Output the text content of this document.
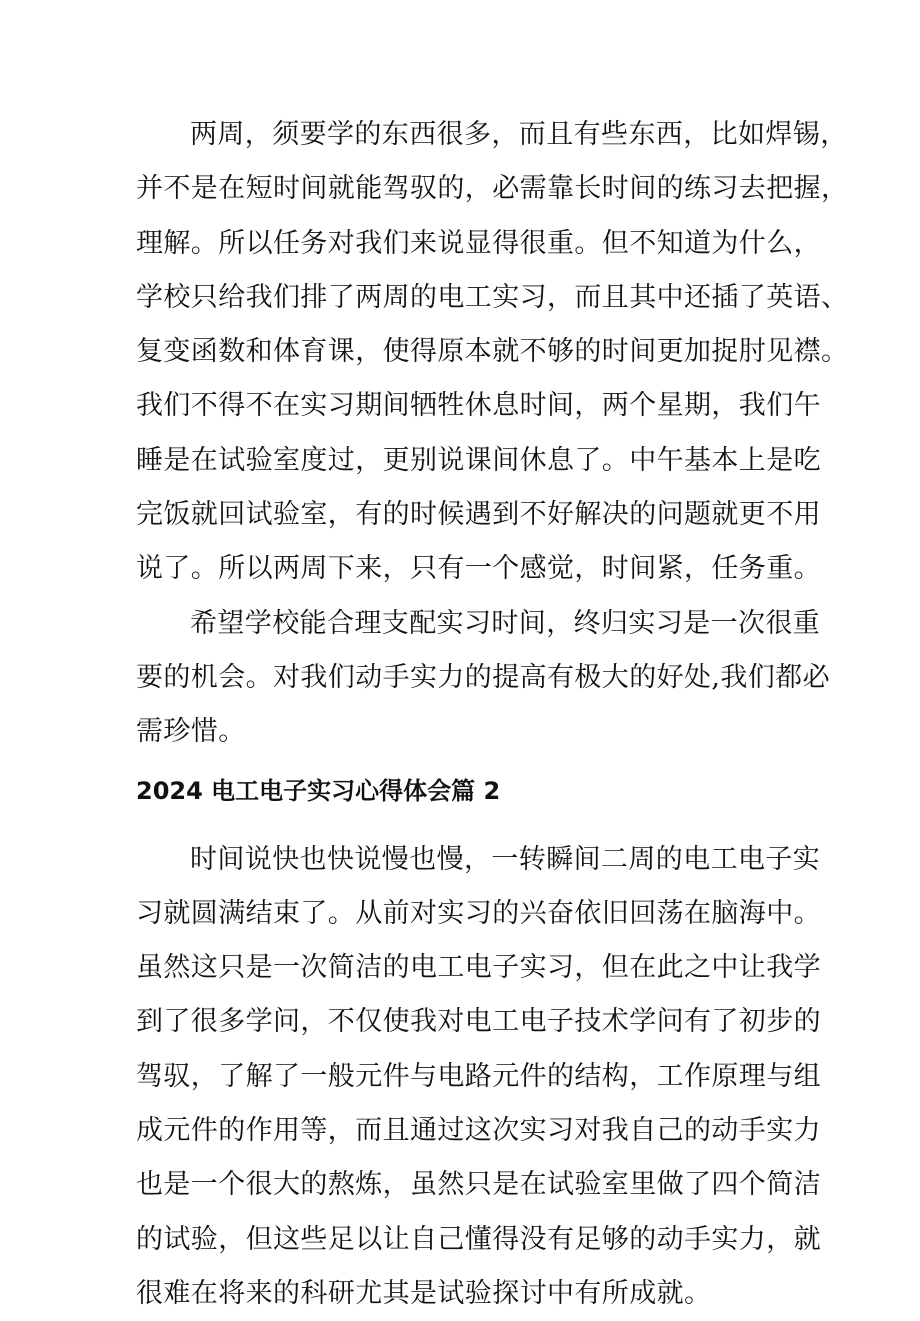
两周，须要学的东西很多，而且有些东西，比如焊锡，
并不是在短时间就能驾驭的，必需靠长时间的练习去把握，
理解。所以任务对我们来说显得很重。但不知道为什么，
学校只给我们排了两周的电工实习，而且其中还插了英语、
复变函数和体育课，使得原本就不够的时间更加捉肘见襟。
我们不得不在实习期间牺牲休息时间，两个星期，我们午
睡是在试验室度过，更别说课间休息了。中午基本上是吃
完饭就回试验室，有的时候遇到不好解决的问题就更不用
说了。所以两周下来，只有一个感觉，时间紧，任务重。
希望学校能合理支配实习时间，终归实习是一次很重
要的机会。对我们动手实力的提高有极大的好处,我们都必
需珍惜。
2024 电工电子实习心得体会篇 2
时间说快也快说慢也慢，一转瞬间二周的电工电子实
习就圆满结束了。从前对实习的兴奋依旧回荡在脑海中。
虽然这只是一次简洁的电工电子实习，但在此之中让我学
到了很多学问，不仅使我对电工电子技术学问有了初步的
驾驭，了解了一般元件与电路元件的结构，工作原理与组
成元件的作用等，而且通过这次实习对我自己的动手实力
也是一个很大的熬炼，虽然只是在试验室里做了四个简洁
的试验，但这些足以让自己懂得没有足够的动手实力，就
很难在将来的科研尤其是试验探讨中有所成就。
